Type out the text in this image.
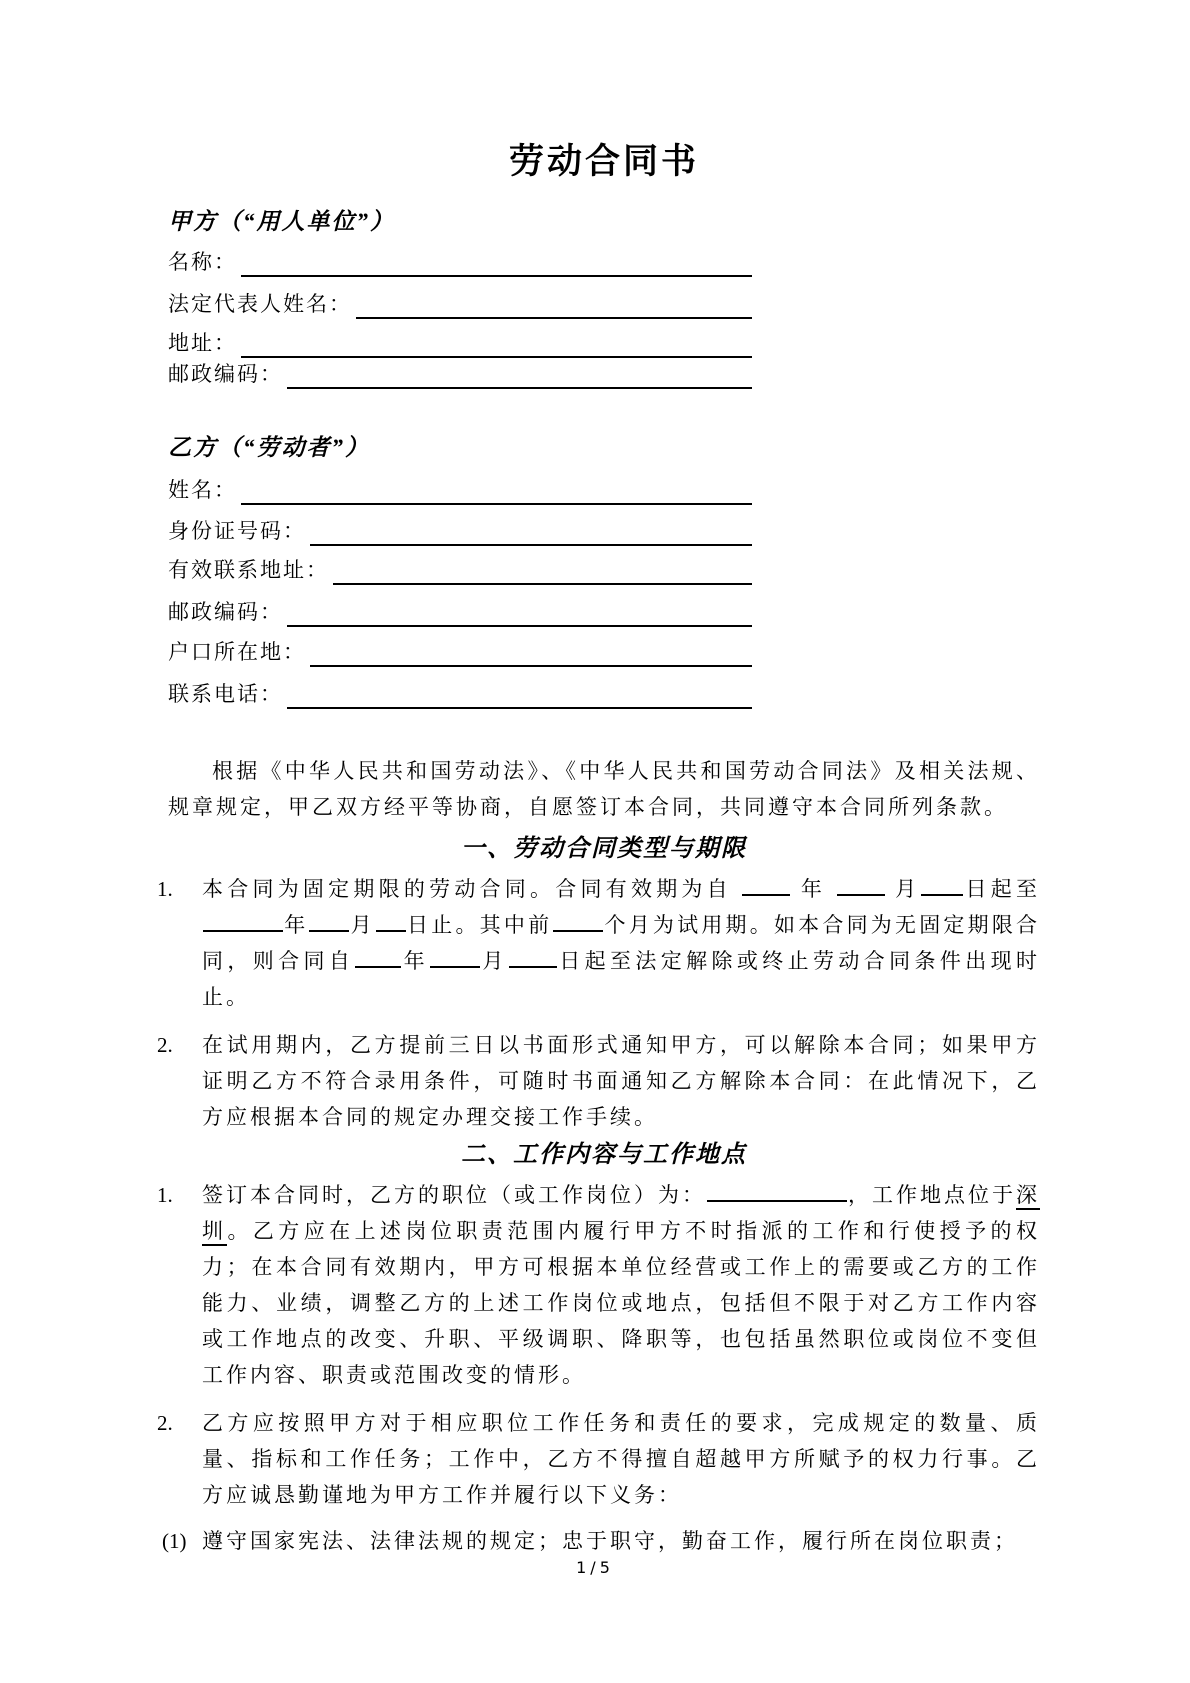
劳动合同书
甲方（“用人单位”）
名称：
法定代表人姓名：
地址：
邮政编码：
乙方（“劳动者”）
姓名：
身份证号码：
有效联系地址：
邮政编码：
户口所在地：
联系电话：

根据《中华人民共和国劳动法》、《中华人民共和国劳动合同法》及相关法规、规章规定，甲乙双方经平等协商，自愿签订本合同，共同遵守本合同所列条款。

一、劳动合同类型与期限
1. 本合同为固定期限的劳动合同。合同有效期为自  年  月 日起至 年 月 日止。其中前 个月为试用期。如本合同为无固定期限合同，则合同自 年 月 日起至法定解除或终止劳动合同条件出现时止。
2. 在试用期内，乙方提前三日以书面形式通知甲方，可以解除本合同；如果甲方证明乙方不符合录用条件，可随时书面通知乙方解除本合同：在此情况下，乙方应根据本合同的规定办理交接工作手续。
二、工作内容与工作地点
1. 签订本合同时，乙方的职位（或工作岗位）为：	，工作地点位于深圳。乙方应在上述岗位职责范围内履行甲方不时指派的工作和行使授予的权力；在本合同有效期内，甲方可根据本单位经营或工作上的需要或乙方的工作能力、业绩，调整乙方的上述工作岗位或地点，包括但不限于对乙方工作内容或工作地点的改变、升职、平级调职、降职等，也包括虽然职位或岗位不变但工作内容、职责或范围改变的情形。
2. 乙方应按照甲方对于相应职位工作任务和责任的要求，完成规定的数量、质量、指标和工作任务；工作中，乙方不得擅自超越甲方所赋予的权力行事。乙方应诚恳勤谨地为甲方工作并履行以下义务：
(1) 遵守国家宪法、法律法规的规定；忠于职守，勤奋工作，履行所在岗位职责；
1/5
